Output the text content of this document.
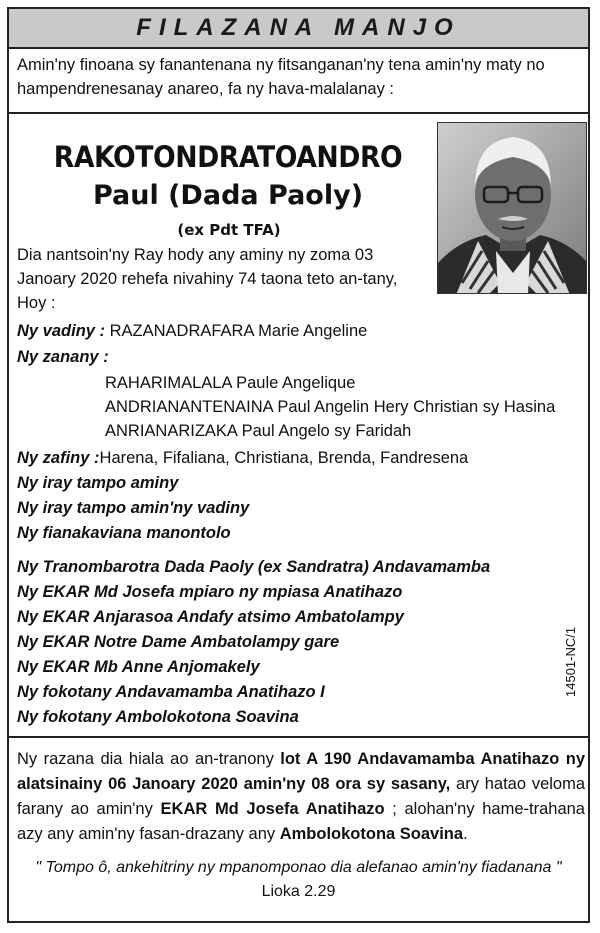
FILAZANA MANJO
Amin'ny finoana sy fanantenana ny fitsanganan'ny tena amin'ny maty no hampendrenesanay anareo, fa ny hava-malalanay :
RAKOTONDRATOANDRO
Paul (Dada Paoly)
(ex Pdt TFA)
Dia nantsoin'ny Ray hody any aminy ny zoma 03
Janoary 2020 rehefa nivahiny 74 taona teto an-tany,
Hoy :
Ny vadiny : RAZANADRAFARA Marie Angeline
Ny zanany :
RAHARIMALALA Paule Angelique
ANDRIANANTENAINA Paul Angelin Hery Christian sy Hasina
ANRIANARIZAKA Paul Angelo sy Faridah
Ny zafiny :Harena, Fifaliana, Christiana, Brenda, Fandresena
Ny iray tampo aminy
Ny iray tampo amin'ny vadiny
Ny fianakaviana manontolo
Ny Tranombarotra Dada Paoly (ex Sandratra) Andavamamba
Ny EKAR Md Josefa mpiaro ny mpiasa Anatihazo
Ny EKAR Anjarasoa Andafy atsimo Ambatolampy
Ny EKAR Notre Dame Ambatolampy gare
Ny EKAR Mb Anne Anjomakely
Ny fokotany Andavamamba Anatihazo I
Ny fokotany Ambolokotona Soavina
14501-NC/1
Ny razana dia hiala ao an-tranony lot A 190 Andavamamba Anatihazo ny alatsinainy 06 Janoary 2020 amin'ny 08 ora sy sasany, ary hatao veloma farany ao amin'ny EKAR Md Josefa Anatihazo ; alohan'ny hame-trahana azy any amin'ny fasan-drazany any Ambolokotona Soavina.
" Tompo ô, ankehitriny ny mpanomponao dia alefanao amin'ny fiadanana "
Lioka 2.29
